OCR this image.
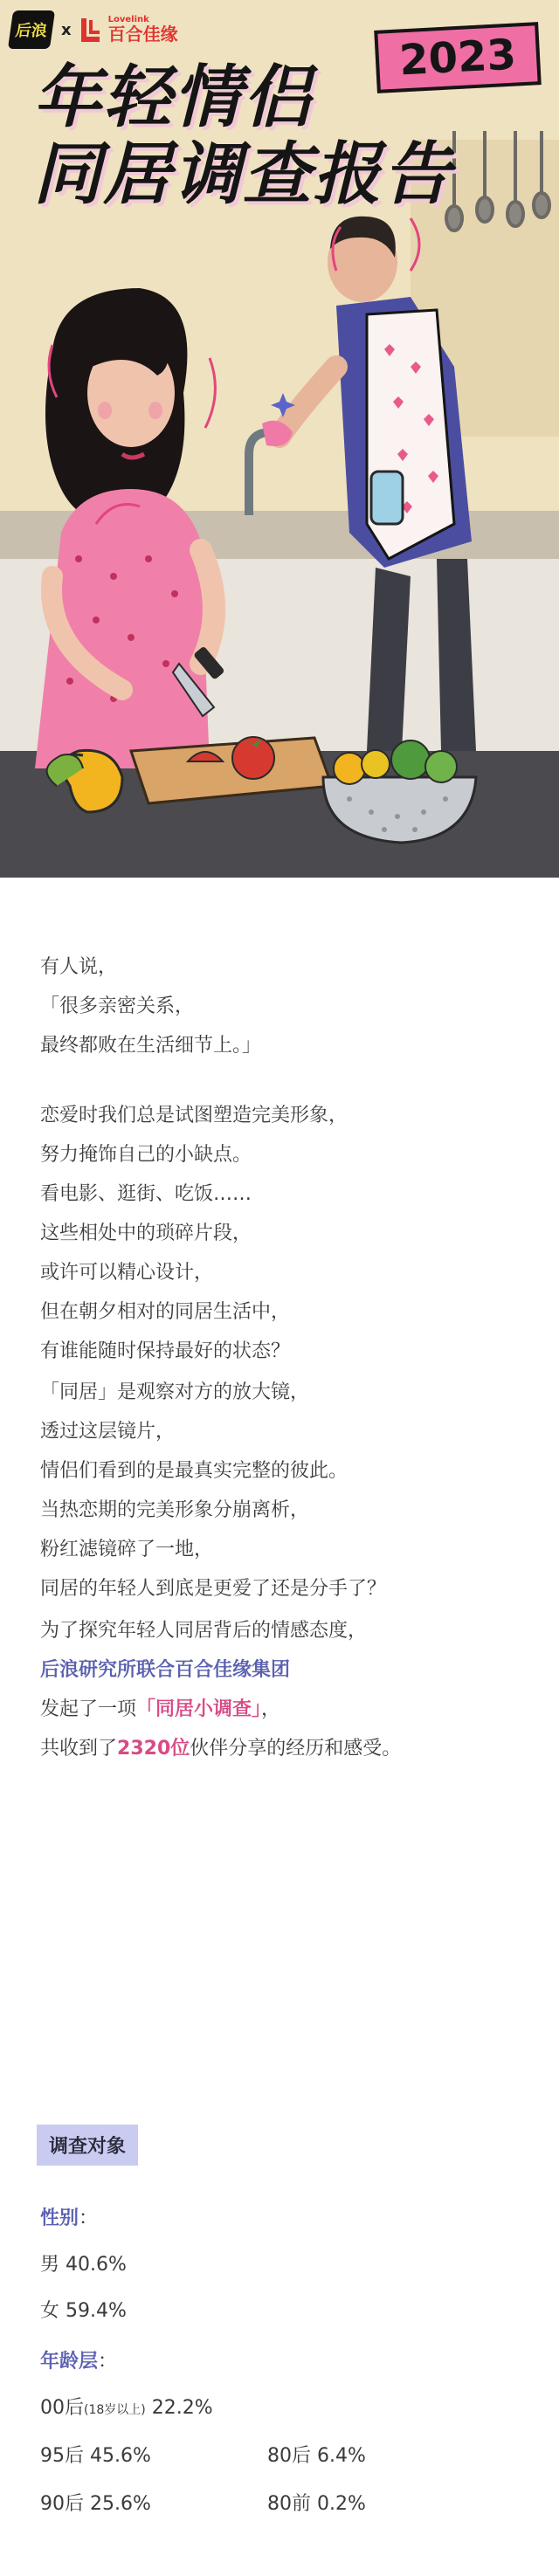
后浪 x
Lovelink
百合佳缘	2023
年轻情侣
同居调查报告
有人说，
「很多亲密关系，
最终都败在生活细节上。」
恋爱时我们总是试图塑造完美形象，
努力掩饰自己的小缺点。
看电影、逛街、吃饭……
这些相处中的琐碎片段，
或许可以精心设计，
但在朝夕相对的同居生活中，
有谁能随时保持最好的状态？
「同居」是观察对方的放大镜，
透过这层镜片，
情侣们看到的是最真实完整的彼此。
当热恋期的完美形象分崩离析，
粉红滤镜碎了一地，
同居的年轻人到底是更爱了还是分手了？
为了探究年轻人同居背后的情感态度，
后浪研究所联合百合佳缘集团
发起了一项「同居小调查」，
共收到了2320位伙伴分享的经历和感受。
调查对象
性别：
男 40.6%
女 59.4%
年龄层：
00后(18岁以上) 22.2%
95后 45.6%	80后 6.4%
90后 25.6%	80前 0.2%
